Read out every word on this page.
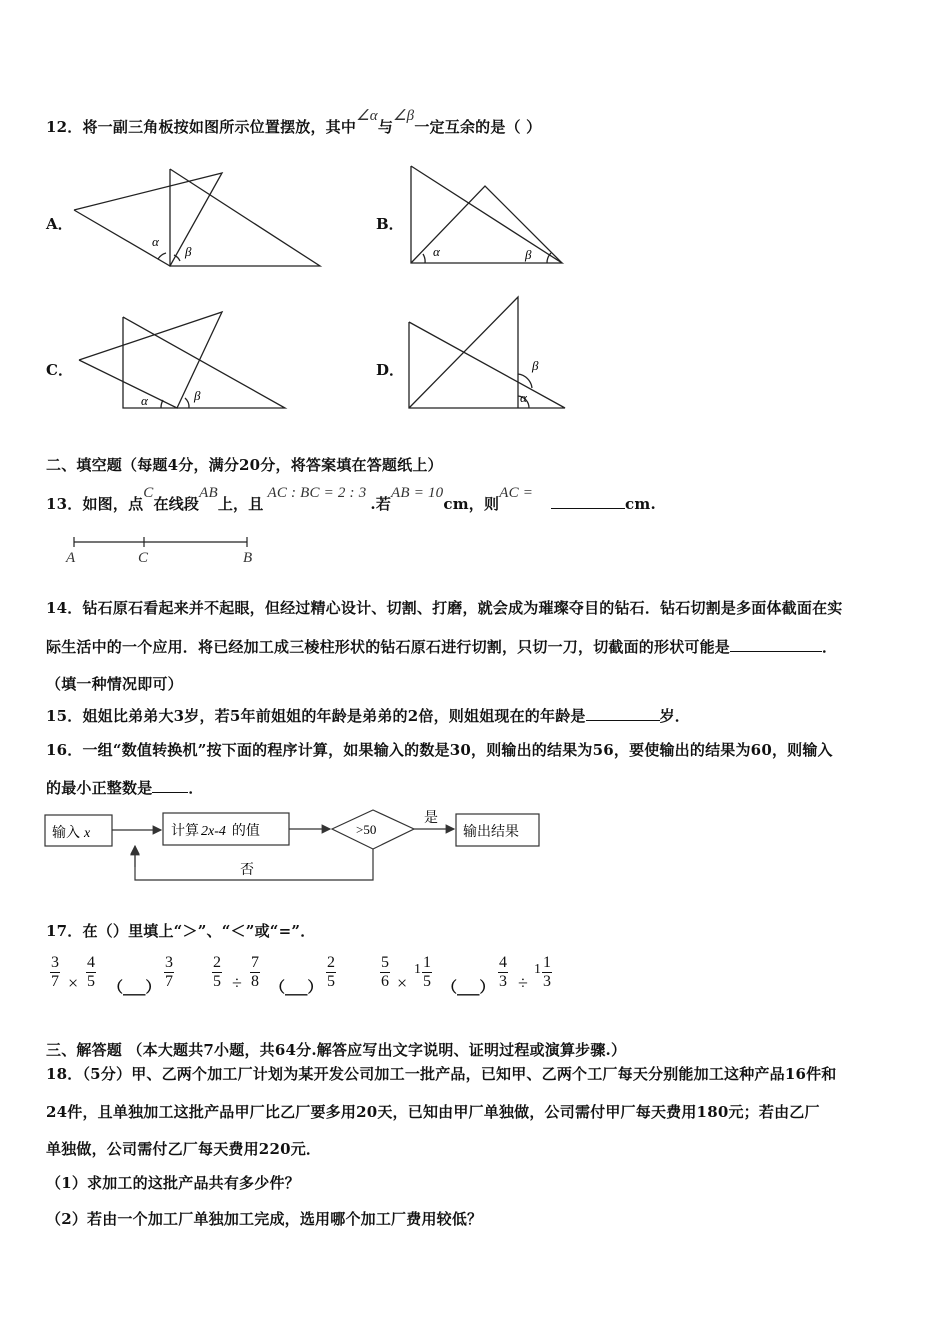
12．将一副三角板按如图所示位置摆放，其中∠α与∠β一定互余的是（ ）
A．	B．
C．	D．
α
β	α	β
α	β
β
α
二、填空题（每题4分，满分20分，将答案填在答题纸上）
13．如图，点C在线段AB上，且AC : BC = 2 : 3.若AB = 10cm，则AC =cm.
A	C	B
14．钻石原石看起来并不起眼，但经过精心设计、切割、打磨，就会成为璀璨夺目的钻石．钻石切割是多面体截面在实
际生活中的一个应用．将已经加工成三棱柱形状的钻石原石进行切割，只切一刀，切截面的形状可能是	．
（填一种情况即可）
15．姐姐比弟弟大3岁，若5年前姐姐的年龄是弟弟的2倍，则姐姐现在的年龄是	岁．
16．一组“数值转换机”按下面的程序计算，如果输入的数是30，则输出的结果为56，要使输出的结果为60，则输入
的最小正整数是 ．
输入 x	计算 2x-4 的值	>50
是
输出结果
否
17．在（）里填上“＞”、“＜”或“=”．
$\frac{3}{7} \times \frac{4}{5}$ （___） $\frac{3}{7} \frac{2}{5} \div \frac{7}{8}$ （___） $\frac{2}{5}$	$\frac{5}{6}$ ×
$1 \frac{1}{5}$ （___） $\frac{4}{3}$ ÷
$1 \frac{1}{3}$
三、解答题 （本大题共7小题，共64分.解答应写出文字说明、证明过程或演算步骤.）
18．（5分）甲、乙两个加工厂计划为某开发公司加工一批产品，已知甲、乙两个工厂每天分别能加工这种产品16件和
24件，且单独加工这批产品甲厂比乙厂要多用20天，已知由甲厂单独做，公司需付甲厂每天费用180元；若由乙厂
单独做，公司需付乙厂每天费用220元．
（1）求加工的这批产品共有多少件？
（2）若由一个加工厂单独加工完成，选用哪个加工厂费用较低？
